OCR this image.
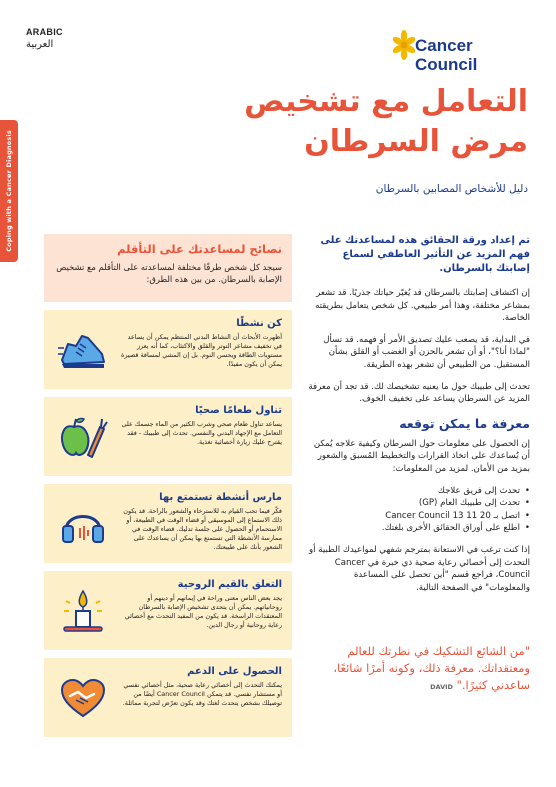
Coping with a Cancer Diagnosis
ARABIC
العربية	Cancer
Council
التعامل مع تشخيص
مرض السرطان
دليل للأشخاص المصابين بالسرطان

تم إعداد ورقة الحقائق هذه لمساعدتك على فهم المزيد عن التأثير العاطفي لسماع إصابتك بالسرطان.

إن اكتشاف إصابتك بالسرطان قد يُغيّر حياتك جذريًا. قد تشعر بمشاعر مختلفة، وهذا أمر طبيعي. كل شخص يتعامل بطريقته الخاصة.

في البداية، قد يصعب عليك تصديق الأمر أو فهمه. قد تسأل "لماذا أنا؟"، أو أن تشعر بالحزن أو الغضب أو القلق بشأن المستقبل. من الطبيعي أن تشعر بهذه الطريقة.

تحدث إلى طبيبك حول ما يعنيه تشخيصك لك. قد تجد أن معرفة المزيد عن السرطان يساعد على تخفيف الخوف.

معرفة ما يمكن توقعه

إن الحصول على معلومات حول السرطان وكيفية علاجه يُمكن أن يُساعدك على اتخاذ القرارات والتخطيط المُسبق والشعور بمزيد من الأمان. لمزيد من المعلومات:

• تحدث إلى فريق علاجك
• تحدث إلى طبيبك العام (GP)
• اتصل بـ Cancer Council 13 11 20
• اطلع على أوراق الحقائق الأخرى بلغتك.

إذا كنت ترغب في الاستعانة بمترجم شفهي لمواعيدك الطبية أو التحدث إلى أخصائي رعاية صحية ذي خبرة في Cancer Council، فراجع قسم "أين تحصل على المساعدة والمعلومات" في الصفحة التالية.

"من الشائع التشكيك في نظرتك للعالم ومعتقداتك. معرفة ذلك، وكونه أمرًا شائعًا، ساعدني كثيرًا." DAVID
نصائح لمساعدتك على التأقلم

سيجد كل شخص طرقًا مختلفة لمساعدته على التأقلم مع تشخيص الإصابة بالسرطان. من بين هذه الطرق:

كن نشطًا

أظهرت الأبحاث أن النشاط البدني المنتظم يمكن أن يساعد في تخفيف مشاعر التوتر والقلق والاكتئاب، كما أنه يعزز مستويات الطاقة ويحسن النوم. بل إن المشي لمسافة قصيرة يمكن أن يكون مفيدًا.

تناول طعامًا صحيًا

يساعد تناول طعام صحي وشرب الكثير من الماء جسمك على التعامل مع الإجهاد البدني والنفسي. تحدث إلى طبيبك - فقد يقترح عليك زيارة أخصائية تغذية.

مارس أنشطة تستمتع بها

فكّر فيما تحب القيام به للاسترخاء والشعور بالراحة. قد يكون ذلك الاستماع إلى الموسيقى أو قضاء الوقت في الطبيعة، أو الاستحمام أو الحصول على جلسة تدليك. قضاء الوقت في ممارسة الأنشطة التي تستمتع بها يمكن أن يساعدك على الشعور بأنك على طبيعتك.

التعلق بالقيم الروحية

يجد بعض الناس معنى وراحة في إيمانهم أو دينهم أو روحانياتهم. يمكن أن يتحدى تشخيص الإصابة بالسرطان المعتقدات الراسخة. قد يكون من المفيد التحدث مع أخصائي رعاية روحانية أو رجال الدين.

الحصول على الدعم

يمكنك التحدث إلى أخصائي رعاية صحية، مثل أخصائي نفسي أو مستشار نفسي. قد يتمكن Cancer Council أيضًا من توصيلك بشخص يتحدث لغتك وقد يكون تعرّض لتجربة مماثلة.
